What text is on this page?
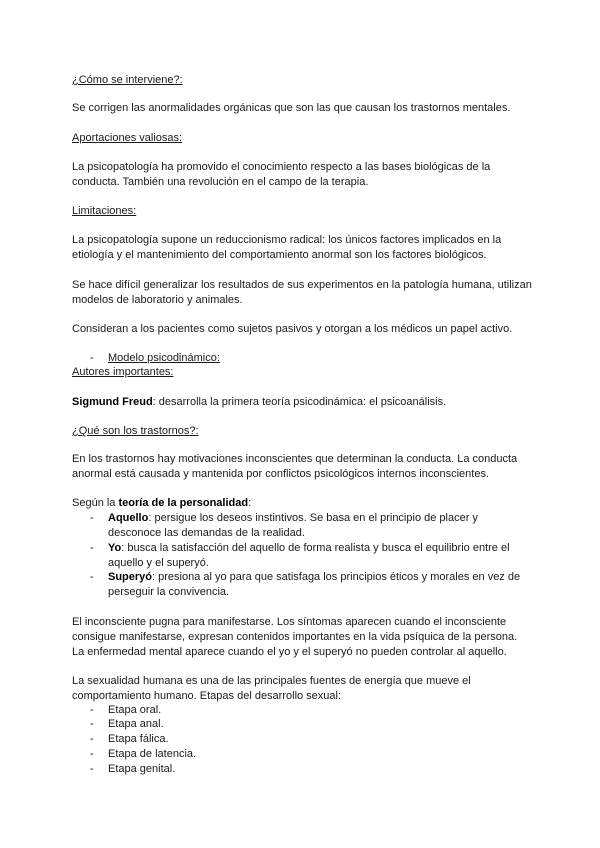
¿Cómo se interviene?:

Se corrigen las anormalidades orgánicas que son las que causan los trastornos mentales.

Aportaciones valiosas:

La psicopatología ha promovido el conocimiento respecto a las bases biológicas de la conducta. También una revolución en el campo de la terapia.

Limitaciones:

La psicopatología supone un reduccionismo radical: los únicos factores implicados en la etiología y el mantenimiento del comportamiento anormal son los factores biológicos.

Se hace difícil generalizar los resultados de sus experimentos en la patología humana, utilizan modelos de laboratorio y animales.

Consideran a los pacientes como sujetos pasivos y otorgan a los médicos un papel activo.

- Modelo psicodinámico:

Autores importantes:

Sigmund Freud: desarrolla la primera teoría psicodinámica: el psicoanálisis.

¿Qué son los trastornos?:

En los trastornos hay motivaciones inconscientes que determinan la conducta. La conducta anormal está causada y mantenida por conflictos psicológicos internos inconscientes.

Según la teoría de la personalidad:

- Aquello: persigue los deseos instintivos. Se basa en el principio de placer y desconoce las demandas de la realidad.

- Yo: busca la satisfacción del aquello de forma realista y busca el equilibrio entre el aquello y el superyó.

- Superyó: presiona al yo para que satisfaga los principios éticos y morales en vez de perseguir la convivencia.

El inconsciente pugna para manifestarse. Los síntomas aparecen cuando el inconsciente consigue manifestarse, expresan contenidos importantes en la vida psíquica de la persona. La enfermedad mental aparece cuando el yo y el superyó no pueden controlar al aquello.

La sexualidad humana es una de las principales fuentes de energía que mueve el comportamiento humano. Etapas del desarrollo sexual:

- Etapa oral.

- Etapa anal.

- Etapa fálica.

- Etapa de latencia.

- Etapa genital.
